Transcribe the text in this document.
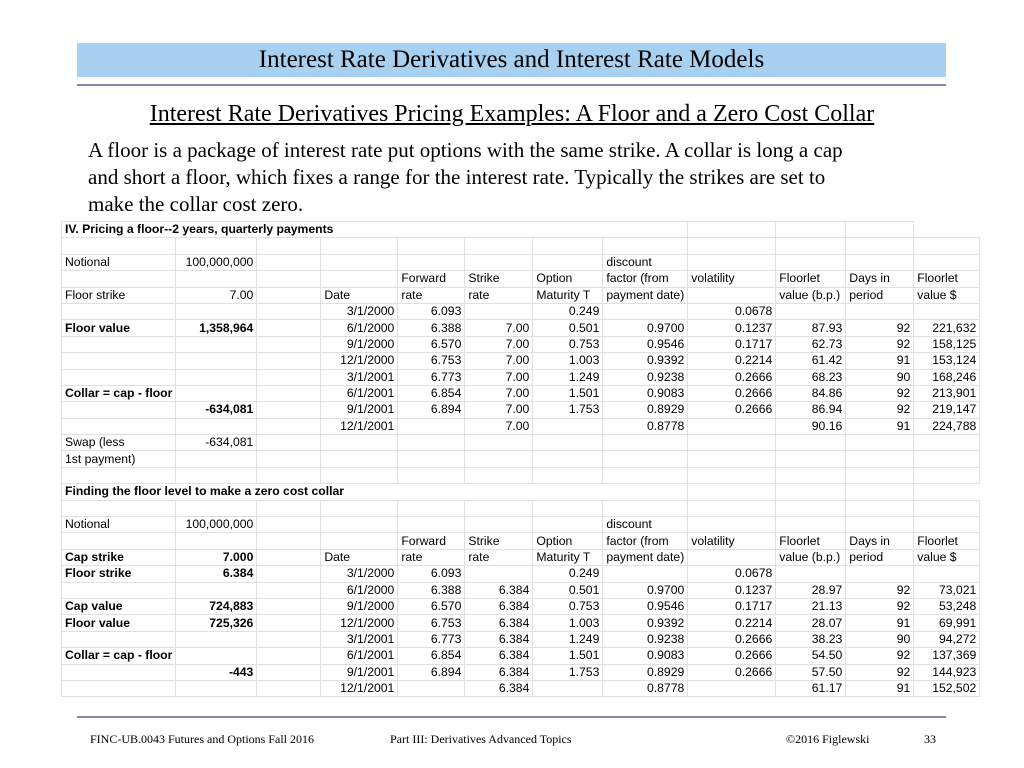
Interest Rate Derivatives and Interest Rate Models
Interest Rate Derivatives Pricing Examples: A Floor and a Zero Cost Collar
A floor is a package of interest rate put options with the same strike. A collar is long a cap
and short a floor, which fixes a range for the interest rate. Typically the strikes are set to
make the collar cost zero.
IV. Pricing a floor--2 years, quarterly payments											

Notional	100,000,000						discount				
				Forward	Strike	Option	factor (from	volatility	Floorlet	Days in	Floorlet
Floor strike	7.00		Date	rate	rate	Maturity T	payment date)		value (b.p.)	period	value $
			3/1/2000	6.093		0.249		0.0678			
Floor value	1,358,964		6/1/2000	6.388	7.00	0.501	0.9700	0.1237	87.93	92	221,632
			9/1/2000	6.570	7.00	0.753	0.9546	0.1717	62.73	92	158,125
			12/1/2000	6.753	7.00	1.003	0.9392	0.2214	61.42	91	153,124
			3/1/2001	6.773	7.00	1.249	0.9238	0.2666	68.23	90	168,246
Collar = cap - floor			6/1/2001	6.854	7.00	1.501	0.9083	0.2666	84.86	92	213,901
	-634,081		9/1/2001	6.894	7.00	1.753	0.8929	0.2666	86.94	92	219,147
			12/1/2001		7.00		0.8778		90.16	91	224,788
Swap (less	-634,081										
1st payment)											

Finding the floor level to make a zero cost collar											

Notional	100,000,000						discount				
				Forward	Strike	Option	factor (from	volatility	Floorlet	Days in	Floorlet
Cap strike	7.000		Date	rate	rate	Maturity T	payment date)		value (b.p.)	period	value $
Floor strike	6.384		3/1/2000	6.093		0.249		0.0678			
			6/1/2000	6.388	6.384	0.501	0.9700	0.1237	28.97	92	73,021
Cap value	724,883		9/1/2000	6.570	6.384	0.753	0.9546	0.1717	21.13	92	53,248
Floor value	725,326		12/1/2000	6.753	6.384	1.003	0.9392	0.2214	28.07	91	69,991
			3/1/2001	6.773	6.384	1.249	0.9238	0.2666	38.23	90	94,272
Collar = cap - floor			6/1/2001	6.854	6.384	1.501	0.9083	0.2666	54.50	92	137,369
	-443		9/1/2001	6.894	6.384	1.753	0.8929	0.2666	57.50	92	144,923
			12/1/2001		6.384		0.8778		61.17	91	152,502
FINC-UB.0043 Futures and Options Fall 2016	Part III: Derivatives Advanced Topics	©2016 Figlewski	33
